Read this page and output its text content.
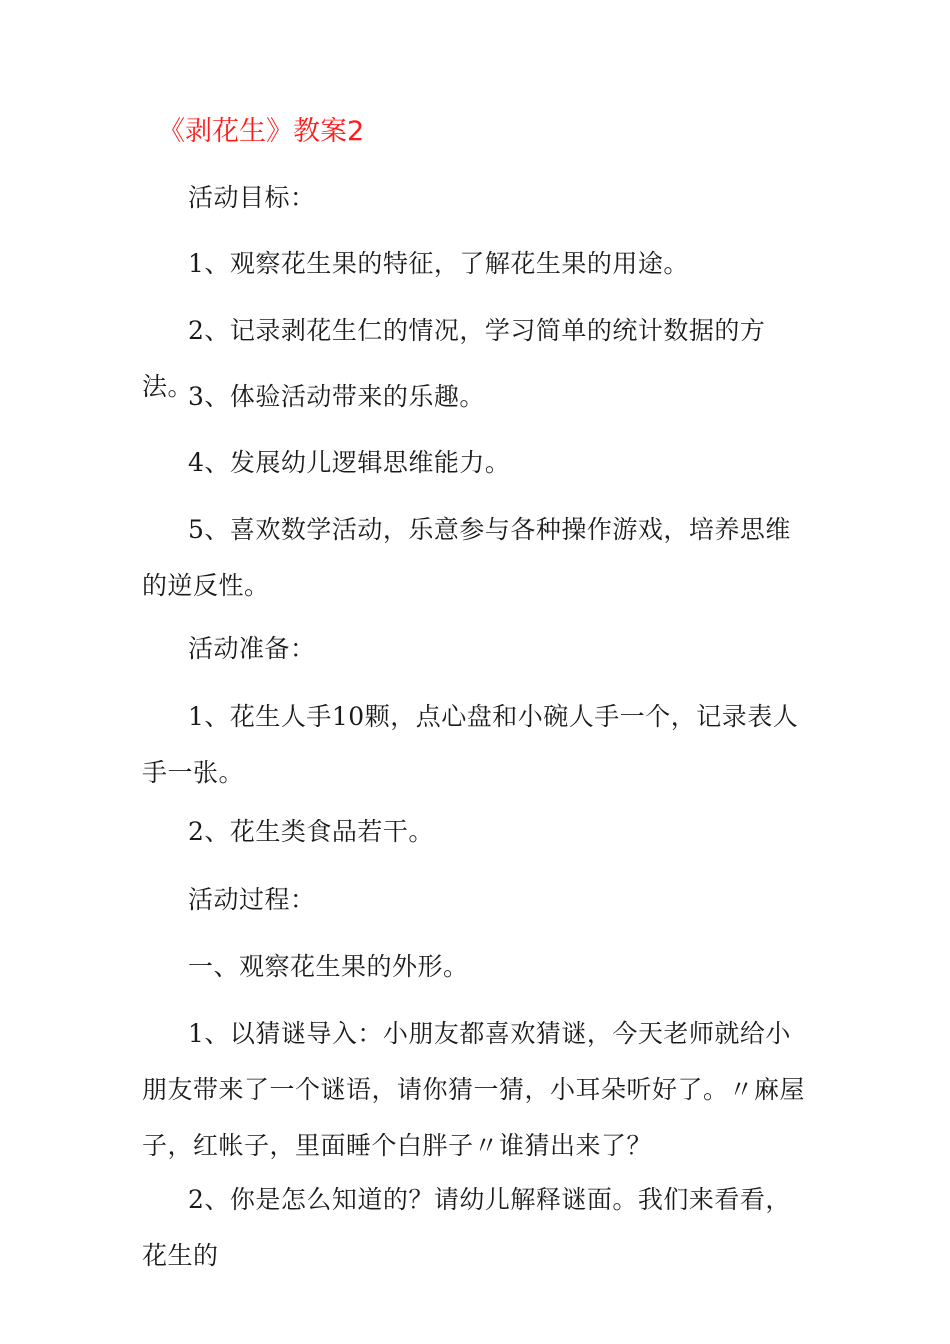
《剥花生》教案2

活动目标：

1、观察花生果的特征，了解花生果的用途。

2、记录剥花生仁的情况，学习简单的统计数据的方法。

3、体验活动带来的乐趣。

4、发展幼儿逻辑思维能力。

5、喜欢数学活动，乐意参与各种操作游戏，培养思维的逆反性。

活动准备：

1、花生人手10颗，点心盘和小碗人手一个，记录表人手一张。

2、花生类食品若干。

活动过程：

一、观察花生果的外形。

1、以猜谜导入：小朋友都喜欢猜谜，今天老师就给小朋友带来了一个谜语，请你猜一猜，小耳朵听好了。〃麻屋子，红帐子，里面睡个白胖子〃谁猜出来了？

2、你是怎么知道的？请幼儿解释谜面。我们来看看，花生的
